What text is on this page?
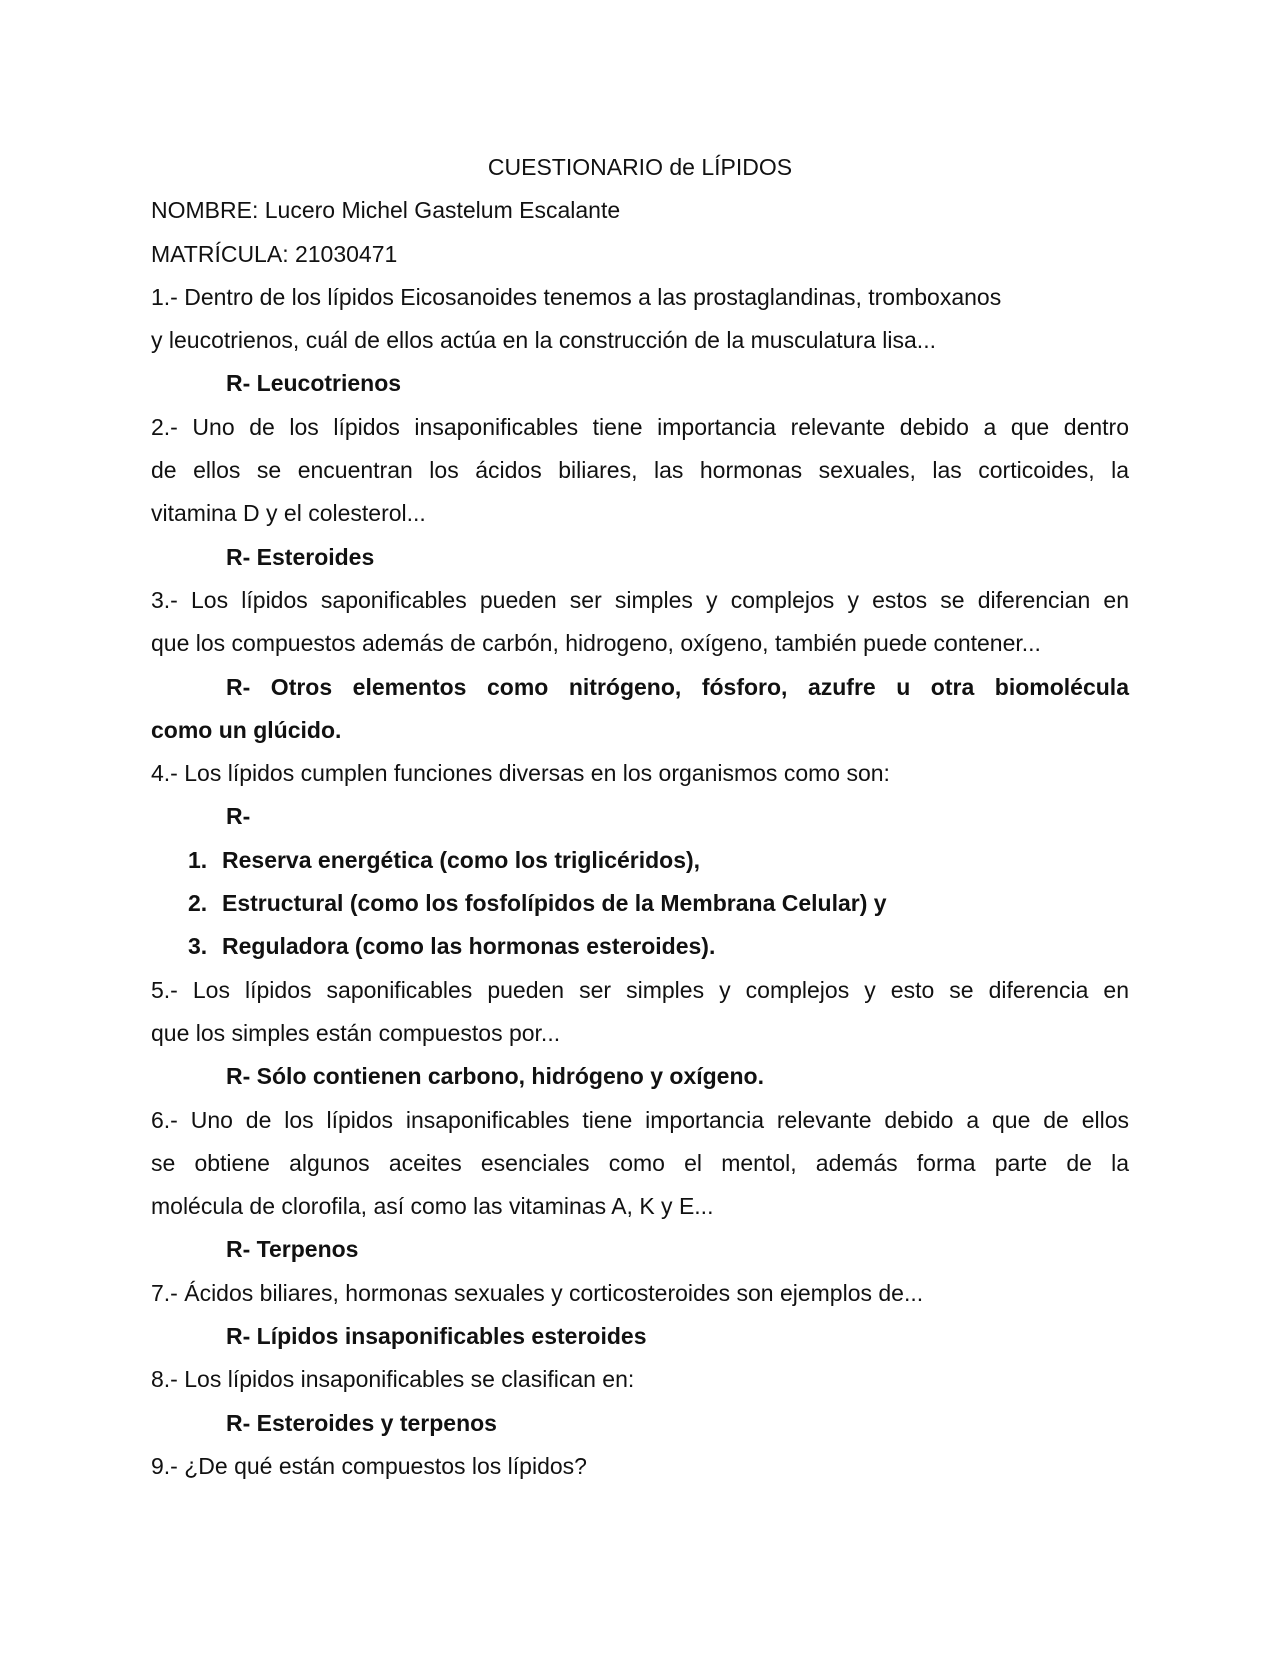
CUESTIONARIO de LÍPIDOS
NOMBRE: Lucero Michel Gastelum Escalante
MATRÍCULA: 21030471
1.- Dentro de los lípidos Eicosanoides tenemos a las prostaglandinas, tromboxanos
y leucotrienos, cuál de ellos actúa en la construcción de la musculatura lisa...
R- Leucotrienos
2.- Uno de los lípidos insaponificables tiene importancia relevante debido a que dentro
de ellos se encuentran los ácidos biliares, las hormonas sexuales, las corticoides, la
vitamina D y el colesterol...
R- Esteroides
3.- Los lípidos saponificables pueden ser simples y complejos y estos se diferencian en
que los compuestos además de carbón, hidrogeno, oxígeno, también puede contener...
R- Otros elementos como nitrógeno, fósforo, azufre u otra biomolécula
como un glúcido.
4.- Los lípidos cumplen funciones diversas en los organismos como son:
R-
1. Reserva energética (como los triglicéridos),
2. Estructural (como los fosfolípidos de la Membrana Celular) y
3. Reguladora (como las hormonas esteroides).
5.- Los lípidos saponificables pueden ser simples y complejos y esto se diferencia en
que los simples están compuestos por...
R- Sólo contienen carbono, hidrógeno y oxígeno.
6.- Uno de los lípidos insaponificables tiene importancia relevante debido a que de ellos
se obtiene algunos aceites esenciales como el mentol, además forma parte de la
molécula de clorofila, así como las vitaminas A, K y E...
R- Terpenos
7.- Ácidos biliares, hormonas sexuales y corticosteroides son ejemplos de...
R- Lípidos insaponificables esteroides
8.- Los lípidos insaponificables se clasifican en:
R- Esteroides y terpenos
9.- ¿De qué están compuestos los lípidos?
